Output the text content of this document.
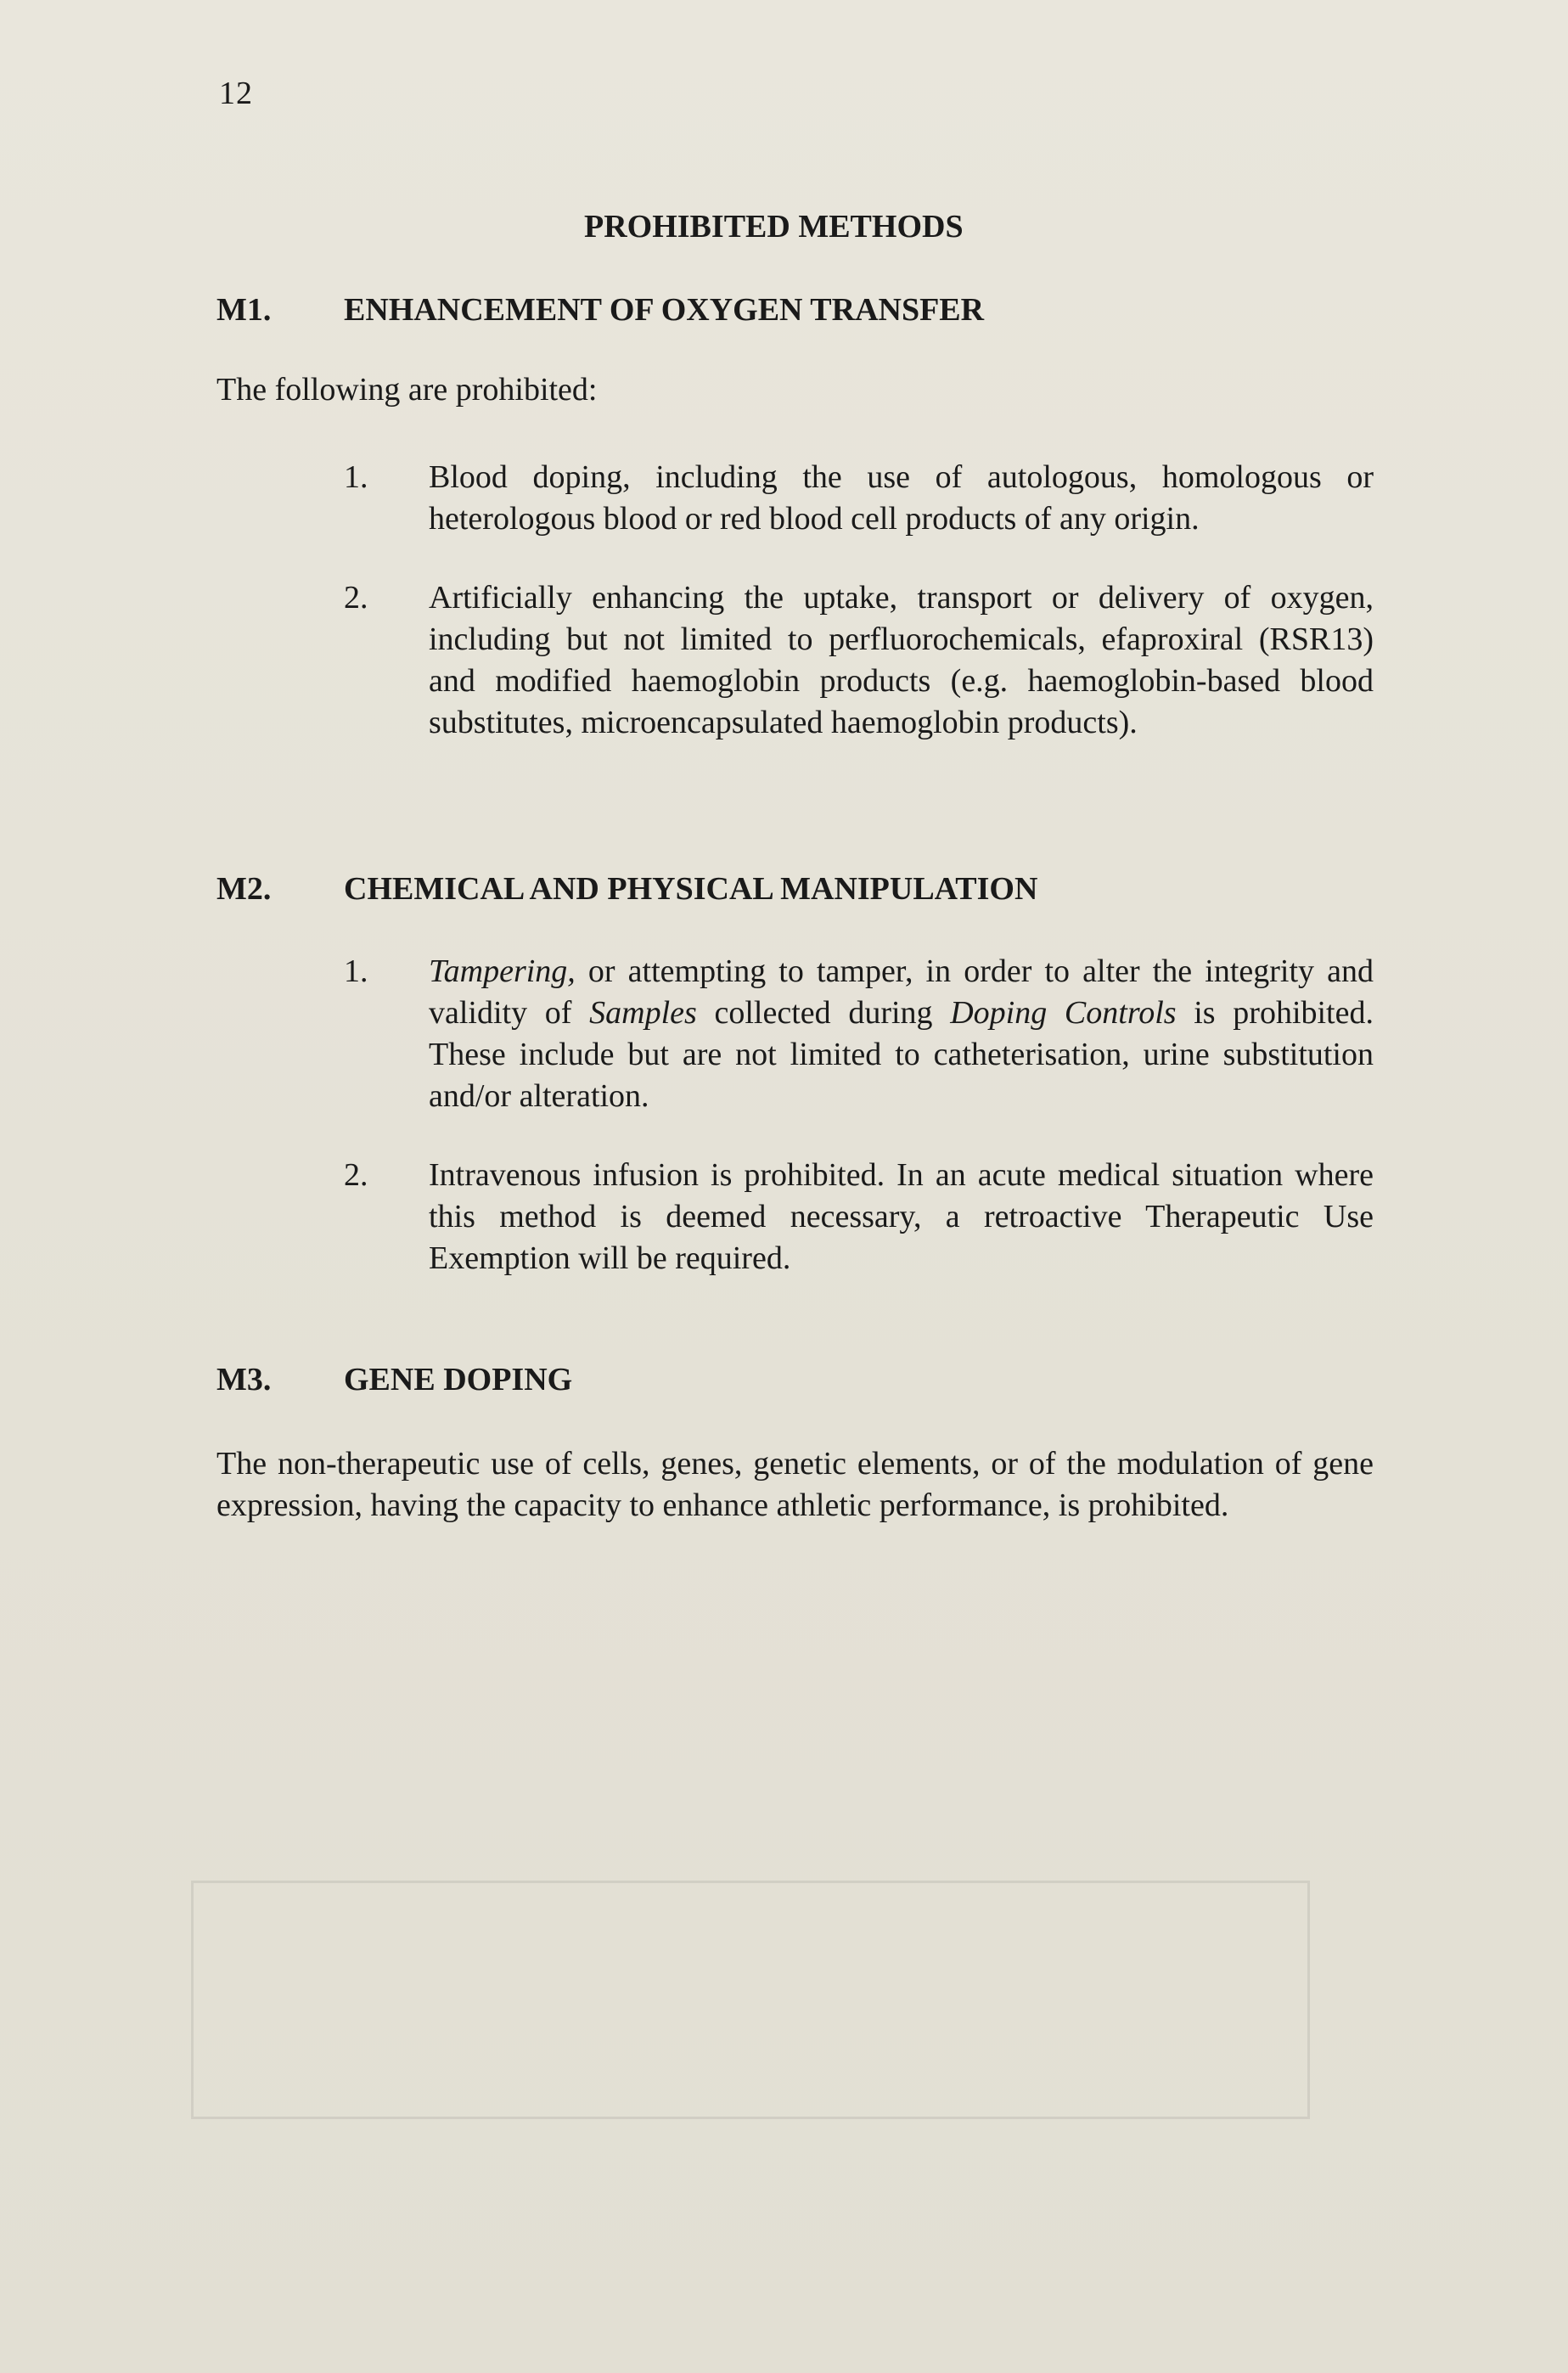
12
PROHIBITED METHODS
M1. ENHANCEMENT OF OXYGEN TRANSFER
The following are prohibited:
1. Blood doping, including the use of autologous, homologous or heterologous blood or red blood cell products of any origin.
2. Artificially enhancing the uptake, transport or delivery of oxygen, including but not limited to perfluorochemicals, efaproxiral (RSR13) and modified haemoglobin products (e.g. haemoglobin-based blood substitutes, microencapsulated haemoglobin products).
M2. CHEMICAL AND PHYSICAL MANIPULATION
1. Tampering, or attempting to tamper, in order to alter the integrity and validity of Samples collected during Doping Controls is prohibited. These include but are not limited to catheterisation, urine substitution and/or alteration.
2. Intravenous infusion is prohibited. In an acute medical situation where this method is deemed necessary, a retroactive Therapeutic Use Exemption will be required.
M3. GENE DOPING
The non-therapeutic use of cells, genes, genetic elements, or of the modulation of gene expression, having the capacity to enhance athletic performance, is prohibited.
